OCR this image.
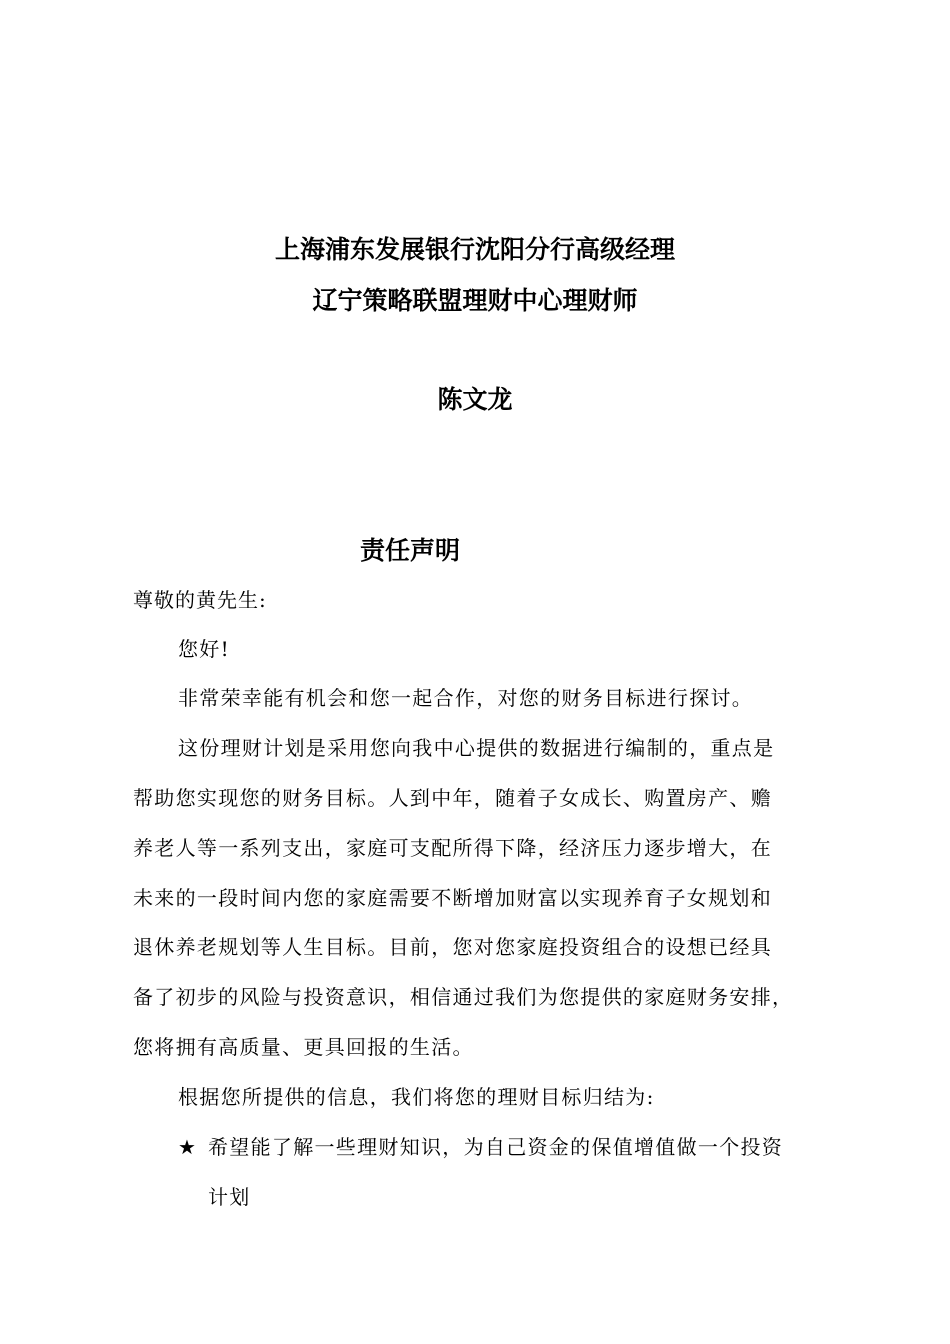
上海浦东发展银行沈阳分行高级经理
辽宁策略联盟理财中心理财师
陈文龙
责任声明
尊敬的黄先生:
您好!
非常荣幸能有机会和您一起合作，对您的财务目标进行探讨。
这份理财计划是采用您向我中心提供的数据进行编制的，重点是
帮助您实现您的财务目标。人到中年，随着子女成长、购置房产、赡
养老人等一系列支出，家庭可支配所得下降，经济压力逐步增大，在
未来的一段时间内您的家庭需要不断增加财富以实现养育子女规划和
退休养老规划等人生目标。目前，您对您家庭投资组合的设想已经具
备了初步的风险与投资意识，相信通过我们为您提供的家庭财务安排，
您将拥有高质量、更具回报的生活。
根据您所提供的信息，我们将您的理财目标归结为:
★ 希望能了解一些理财知识，为自己资金的保值增值做一个投资
计划
